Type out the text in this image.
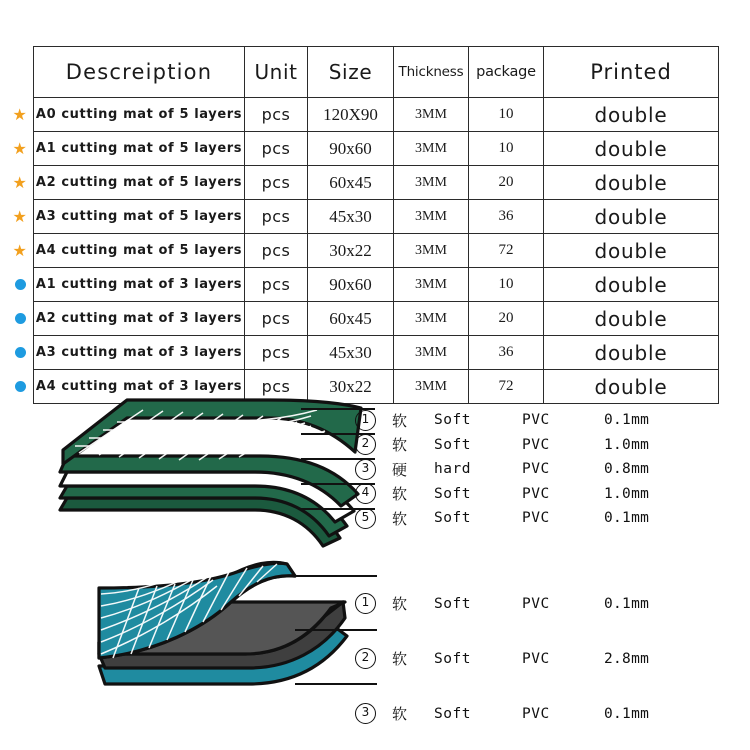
Descreiption	Unit	Size	Thickness	package	Printed

★ A0 cutting mat of 5 layers	pcs	120X90	3MM	10	double

★ A1 cutting mat of 5 layers	pcs	90x60	3MM	10	double

★ A2 cutting mat of 5 layers	pcs	60x45	3MM	20	double

★ A3 cutting mat of 5 layers	pcs	45x30	3MM	36	double

★ A4 cutting mat of 5 layers	pcs	30x22	3MM	72	double

A1 cutting mat of 3 layers	pcs	90x60	3MM	10	double

A2 cutting mat of 3 layers	pcs	60x45	3MM	20	double

A3 cutting mat of 3 layers	pcs	45x30	3MM	36	double

A4 cutting mat of 3 layers	pcs	30x22	3MM	72	double
1	软	Soft	PVC	0.1mm
2	软	Soft	PVC	1.0mm
3	硬	hard	PVC	0.8mm
4	软	Soft	PVC	1.0mm
5	软	Soft	PVC	0.1mm
1	软	Soft	PVC	0.1mm
2	软	Soft	PVC	2.8mm
3	软	Soft	PVC	0.1mm
